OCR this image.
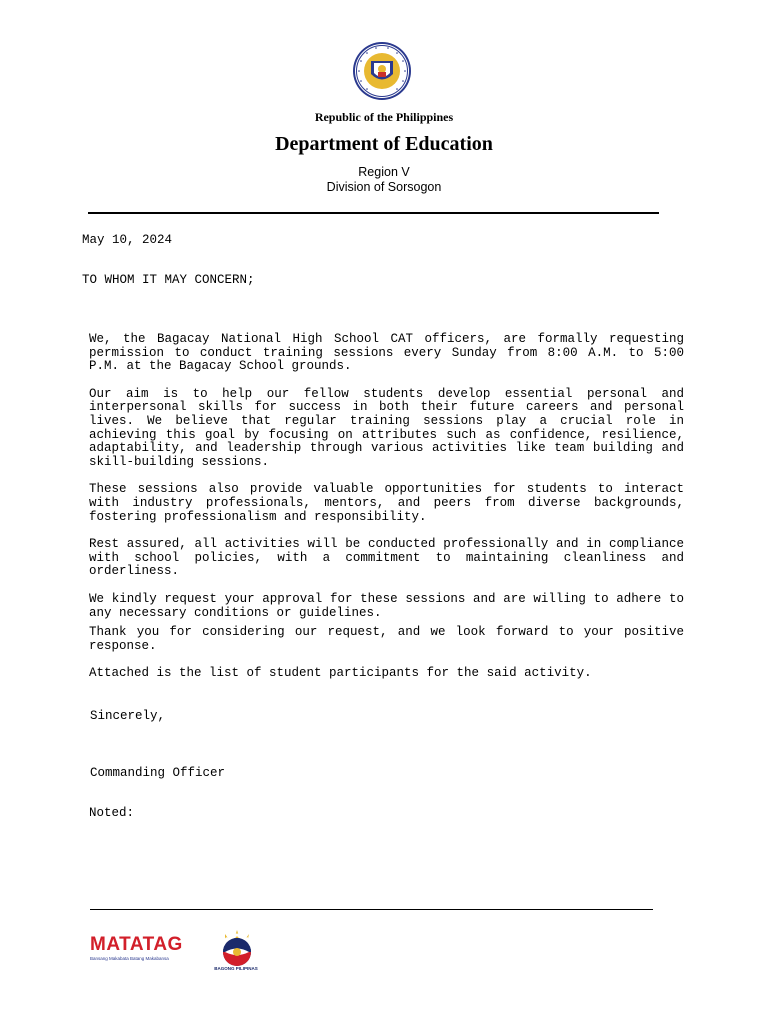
Republic of the Philippines
Department of Education
Region V
Division of Sorsogon
May 10, 2024
TO WHOM IT MAY CONCERN;

We, the Bagacay National High School CAT officers, are formally requesting permission to conduct training sessions every Sunday from 8:00 A.M. to 5:00 P.M. at the Bagacay School grounds.

Our aim is to help our fellow students develop essential personal and interpersonal skills for success in both their future careers and personal lives. We believe that regular training sessions play a crucial role in achieving this goal by focusing on attributes such as confidence, resilience, adaptability, and leadership through various activities like team building and skill-building sessions.

These sessions also provide valuable opportunities for students to interact with industry professionals, mentors, and peers from diverse backgrounds, fostering professionalism and responsibility.

Rest assured, all activities will be conducted professionally and in compliance with school policies, with a commitment to maintaining cleanliness and orderliness.

We kindly request your approval for these sessions and are willing to adhere to any necessary conditions or guidelines.

Thank you for considering our request, and we look forward to your positive response.

Attached is the list of student participants for the said activity.

Sincerely,
Commanding Officer
Noted:
MATATAG
Bansang Makabata Batang Makabansa
BAGONG PILIPINAS
